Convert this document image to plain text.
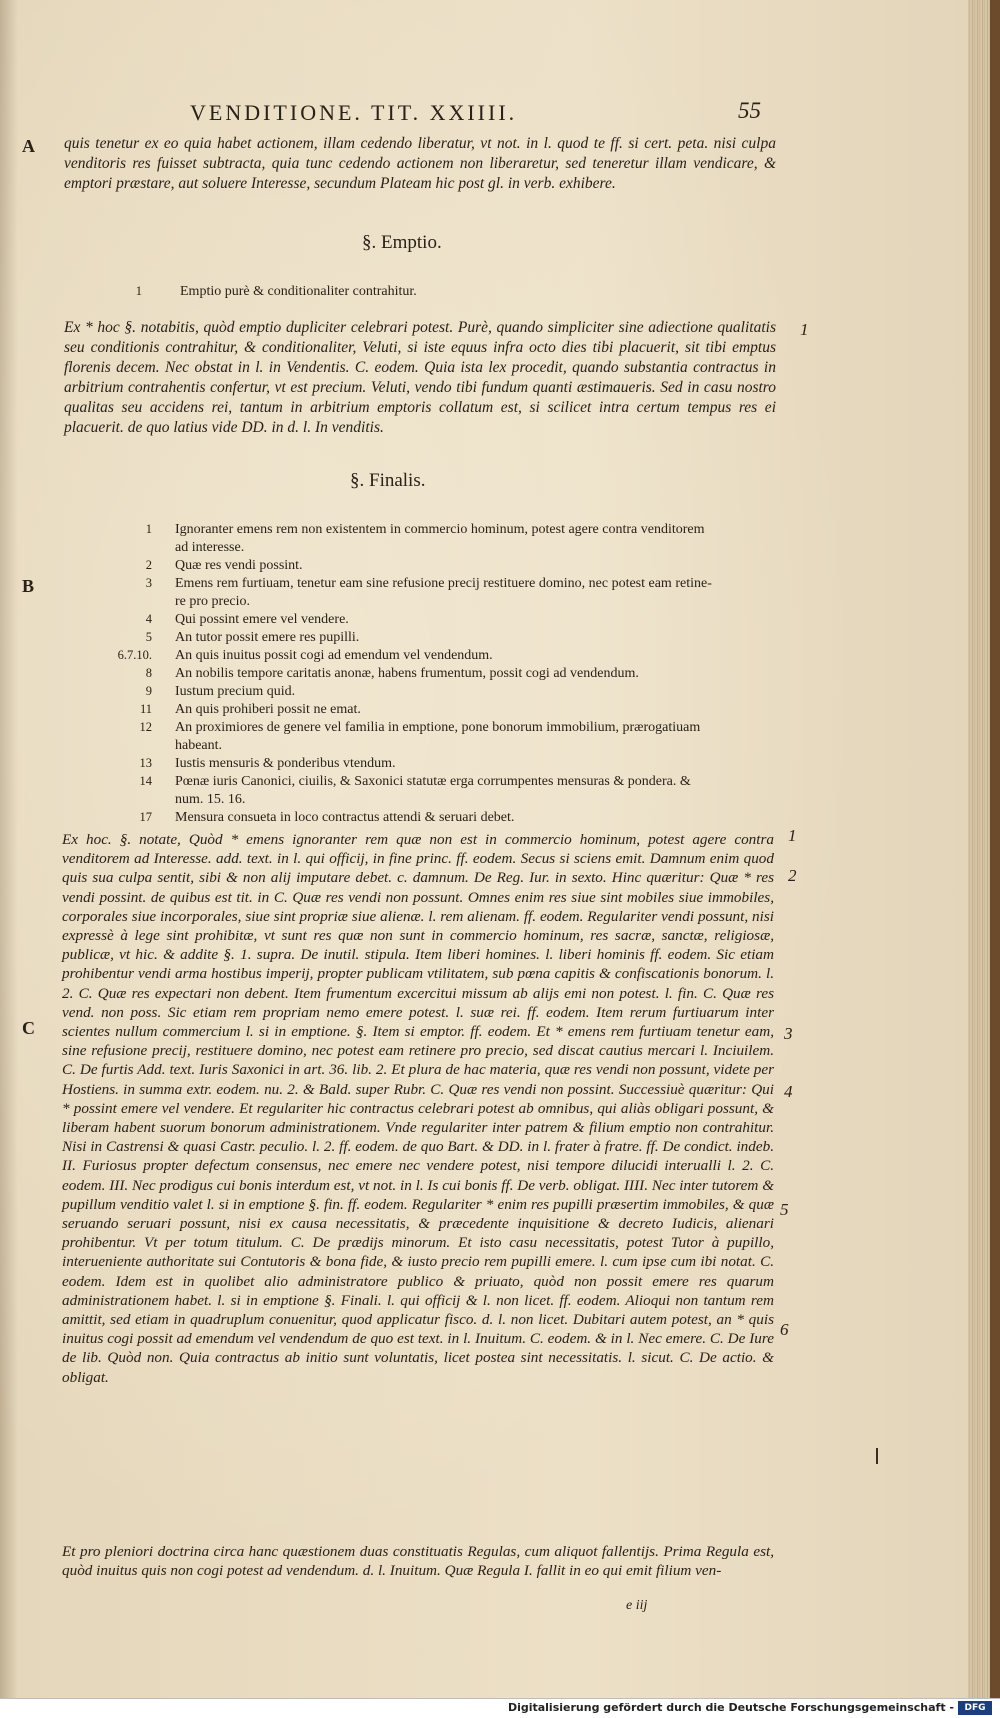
VENDITIONE. TIT. XXIIII.	55
A
B
C

quis tenetur ex eo quia habet actionem, illam cedendo liberatur, vt not. in l. quod te ff. si cert. peta. nisi culpa venditoris res fuisset subtracta, quia tunc cedendo actionem non liberaretur, sed teneretur illam vendicare, & emptori præstare, aut soluere Interesse, secundum Plateam hic post gl. in verb. exhibere.

§. Emptio.
1	Emptio purè & conditionaliter contrahitur.

Ex * hoc §. notabitis, quòd emptio dupliciter celebrari potest. Purè, quando simpliciter sine adiectione qualitatis seu conditionis contrahitur, & conditionaliter, Veluti, si iste equus infra octo dies tibi placuerit, sit tibi emptus florenis decem. Nec obstat in l. in Vendentis. C. eodem. Quia ista lex procedit, quando substantia contractus in arbitrium contrahentis confertur, vt est precium. Veluti, vendo tibi fundum quanti æstimaueris. Sed in casu nostro qualitas seu accidens rei, tantum in arbitrium emptoris collatum est, si scilicet intra certum tempus res ei placuerit. de quo latius vide DD. in d. l. In venditis.

1
§. Finalis.
1 Ignoranter emens rem non existentem in commercio hominum, potest agere contra venditorem
ad interesse.
2 Quæ res vendi possint.
3 Emens rem furtiuam, tenetur eam sine refusione precij restituere domino, nec potest eam retine-
re pro precio.
4 Qui possint emere vel vendere.
5 An tutor possit emere res pupilli.
6.7.10. An quis inuitus possit cogi ad emendum vel vendendum.
8 An nobilis tempore caritatis anonæ, habens frumentum, possit cogi ad vendendum.
9 Iustum precium quid.
11 An quis prohiberi possit ne emat.
12 An proximiores de genere vel familia in emptione, pone bonorum immobilium, prærogatiuam
habeant.
13 Iustis mensuris & ponderibus vtendum.
14 Pœnæ iuris Canonici, ciuilis, & Saxonici statutæ erga corrumpentes mensuras & pondera. &
num. 15. 16.
17 Mensura consueta in loco contractus attendi & seruari debet.

Ex hoc. §. notate, Quòd * emens ignoranter rem quæ non est in commercio hominum, potest agere contra venditorem ad Interesse. add. text. in l. qui officij, in fine princ. ff. eodem. Secus si sciens emit. Damnum enim quod quis sua culpa sentit, sibi & non alij imputare debet. c. damnum. De Reg. Iur. in sexto. Hinc quæritur: Quæ * res vendi possint. de quibus est tit. in C. Quæ res vendi non possunt. Omnes enim res siue sint mobiles siue immobiles, corporales siue incorporales, siue sint propriæ siue alienæ. l. rem alienam. ff. eodem. Regulariter vendi possunt, nisi expressè à lege sint prohibitæ, vt sunt res quæ non sunt in commercio hominum, res sacræ, sanctæ, religiosæ, publicæ, vt hic. & addite §. 1. supra. De inutil. stipula. Item liberi homines. l. liberi hominis ff. eodem. Sic etiam prohibentur vendi arma hostibus imperij, propter publicam vtilitatem, sub pœna capitis & confiscationis bonorum. l. 2. C. Quæ res expectari non debent. Item frumentum excercitui missum ab alijs emi non potest. l. fin. C. Quæ res vend. non poss. Sic etiam rem propriam nemo emere potest. l. suæ rei. ff. eodem. Item rerum furtiuarum inter scientes nullum commercium l. si in emptione. §. Item si emptor. ff. eodem. Et * emens rem furtiuam tenetur eam, sine refusione precij, restituere domino, nec potest eam retinere pro precio, sed discat cautius mercari l. Inciuilem. C. De furtis Add. text. Iuris Saxonici in art. 36. lib. 2. Et plura de hac materia, quæ res vendi non possunt, videte per Hostiens. in summa extr. eodem. nu. 2. & Bald. super Rubr. C. Quæ res vendi non possint. Successiuè quæritur: Qui * possint emere vel vendere. Et regulariter hic contractus celebrari potest ab omnibus, qui aliàs obligari possunt, & liberam habent suorum bonorum administrationem. Vnde regulariter inter patrem & filium emptio non contrahitur. Nisi in Castrensi & quasi Castr. peculio. l. 2. ff. eodem. de quo Bart. & DD. in l. frater à fratre. ff. De condict. indeb. II. Furiosus propter defectum consensus, nec emere nec vendere potest, nisi tempore dilucidi interualli l. 2. C. eodem. III. Nec prodigus cui bonis interdum est, vt not. in l. Is cui bonis ff. De verb. obligat. IIII. Nec inter tutorem & pupillum venditio valet l. si in emptione §. fin. ff. eodem. Regulariter * enim res pupilli præsertim immobiles, & quæ seruando seruari possunt, nisi ex causa necessitatis, & præcedente inquisitione & decreto Iudicis, alienari prohibentur. Vt per totum titulum. C. De prædijs minorum. Et isto casu necessitatis, potest Tutor à pupillo, interueniente authoritate sui Contutoris & bona fide, & iusto precio rem pupilli emere. l. cum ipse cum ibi notat. C. eodem. Idem est in quolibet alio administratore publico & priuato, quòd non possit emere res quarum administrationem habet. l. si in emptione §. Finali. l. qui officij & l. non licet. ff. eodem. Alioqui non tantum rem amittit, sed etiam in quadruplum conuenitur, quod applicatur fisco. d. l. non licet. Dubitari autem potest, an * quis inuitus cogi possit ad emendum vel vendendum de quo est text. in l. Inuitum. C. eodem. & in l. Nec emere. C. De Iure de lib. Quòd non. Quia contractus ab initio sunt voluntatis, licet postea sint necessitatis. l. sicut. C. De actio. & obligat.

1
2
3
4
5
6

Et pro pleniori doctrina circa hanc quæstionem duas constituatis Regulas, cum aliquot fallentijs. Prima Regula est, quòd inuitus quis non cogi potest ad vendendum. d. l. Inuitum. Quæ Regula I. fallit in eo qui emit filium ven-

e iij
Digitalisierung gefördert durch die Deutsche Forschungsgemeinschaft -	DFG
